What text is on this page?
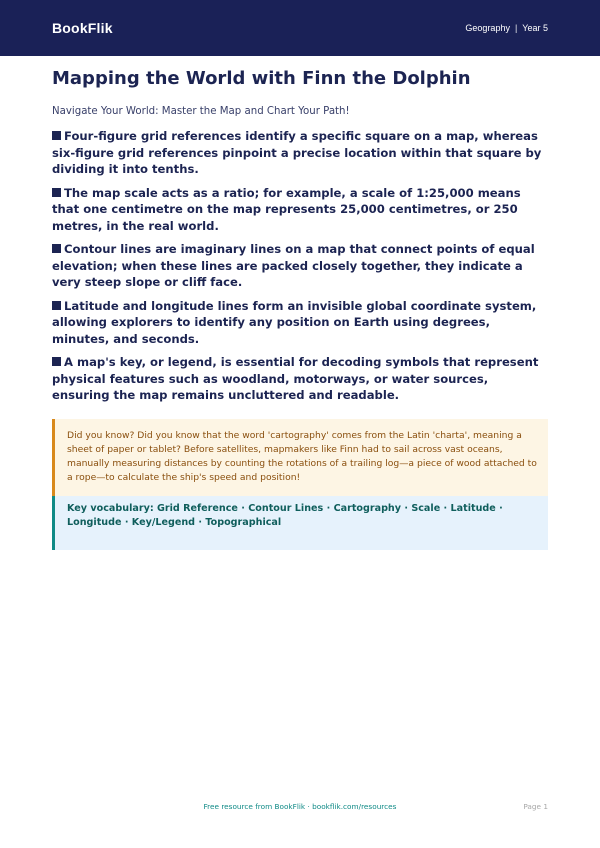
BookFlik	Geography | Year 5
Mapping the World with Finn the Dolphin

Navigate Your World: Master the Map and Chart Your Path!

Four-figure grid references identify a specific square on a map, whereas six-figure grid references pinpoint a precise location within that square by dividing it into tenths.
The map scale acts as a ratio; for example, a scale of 1:25,000 means that one centimetre on the map represents 25,000 centimetres, or 250 metres, in the real world.
Contour lines are imaginary lines on a map that connect points of equal elevation; when these lines are packed closely together, they indicate a very steep slope or cliff face.
Latitude and longitude lines form an invisible global coordinate system, allowing explorers to identify any position on Earth using degrees, minutes, and seconds.
A map's key, or legend, is essential for decoding symbols that represent physical features such as woodland, motorways, or water sources, ensuring the map remains uncluttered and readable.

Did you know? Did you know that the word 'cartography' comes from the Latin 'charta', meaning a sheet of paper or tablet? Before satellites, mapmakers like Finn had to sail across vast oceans, manually measuring distances by counting the rotations of a trailing log—a piece of wood attached to a rope—to calculate the ship's speed and position!

Key vocabulary: Grid Reference · Contour Lines · Cartography · Scale · Latitude · Longitude · Key/Legend · Topographical

Free resource from BookFlik · bookflik.com/resources	Page 1
